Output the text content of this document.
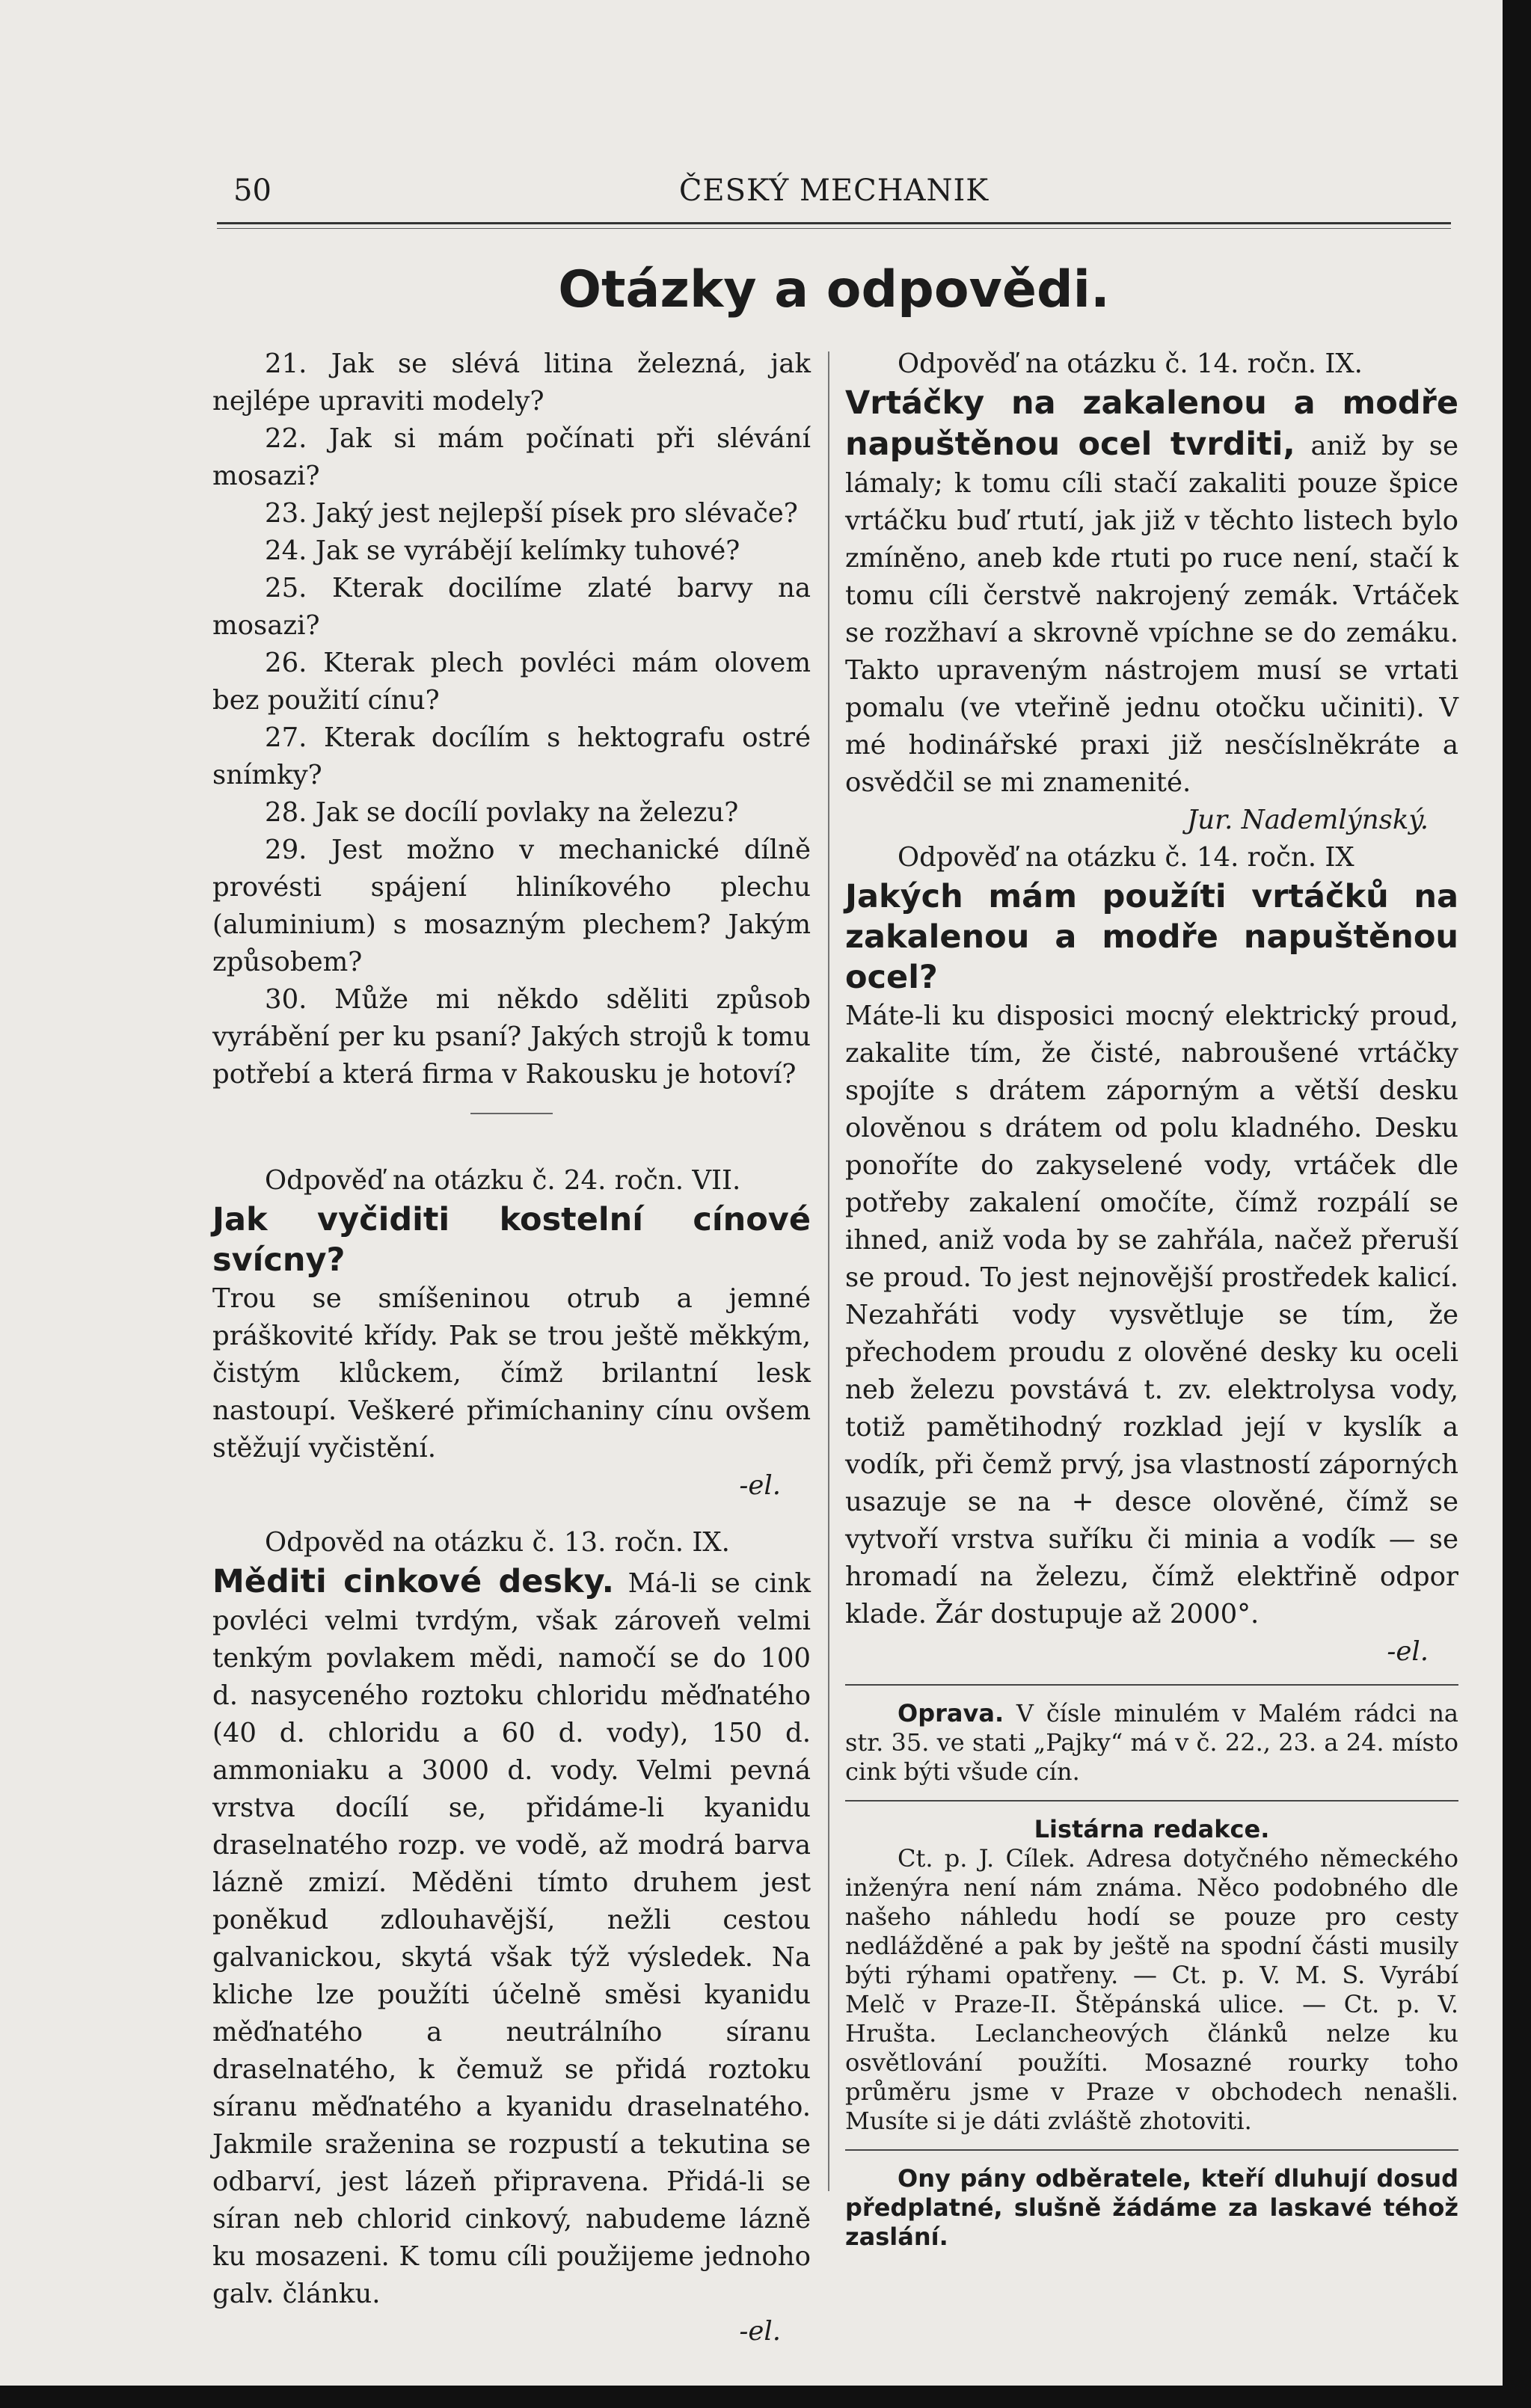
50	ČESKÝ MECHANIK
Otázky a odpovědi.

21. Jak se slévá litina železná, jak nejlépe upraviti modely?

22. Jak si mám počínati při slévání mosazi?

23. Jaký jest nejlepší písek pro slévače?

24. Jak se vyrábějí kelímky tuhové?

25. Kterak docilíme zlaté barvy na mosazi?

26. Kterak plech povléci mám olovem bez použití cínu?

27. Kterak docílím s hektografu ostré snímky?

28. Jak se docílí povlaky na železu?

29. Jest možno v mechanické dílně provésti spájení hliníkového plechu (aluminium) s mosazným plechem? Jakým způsobem?

30. Může mi někdo sděliti způsob vyrábění per ku psaní? Jakých strojů k tomu potřebí a která firma v Rakousku je hotoví?

Odpověď na otázku č. 24. ročn. VII.

Jak vyčiditi kostelní cínové svícny?

Trou se smíšeninou otrub a jemné práškovité křídy. Pak se trou ještě měkkým, čistým klůckem, čímž brilantní lesk nastoupí. Veškeré přimíchaniny cínu ovšem stěžují vyčistění.
-el.

Odpověd na otázku č. 13. ročn. IX.

Měditi cinkové desky. Má-li se cink povléci velmi tvrdým, však zároveň velmi tenkým povlakem mědi, namočí se do 100 d. nasyceného roztoku chloridu měďnatého (40 d. chloridu a 60 d. vody), 150 d. ammoniaku a 3000 d. vody. Velmi pevná vrstva docílí se, přidáme-li kyanidu draselnatého rozp. ve vodě, až modrá barva lázně zmizí. Měděni tímto druhem jest poněkud zdlouhavější, nežli cestou galvanickou, skytá však týž výsledek. Na kliche lze použíti účelně směsi kyanidu měďnatého a neutrálního síranu draselnatého, k čemuž se přidá roztoku síranu měďnatého a kyanidu draselnatého. Jakmile sraženina se rozpustí a tekutina se odbarví, jest lázeň připravena. Přidá-li se síran neb chlorid cinkový, nabudeme lázně ku mosazeni. K tomu cíli použijeme jednoho galv. článku.
-el.

Odpověď na otázku č. 14. ročn. IX.

Vrtáčky na zakalenou a modře napuštěnou ocel tvrditi, aniž by se lámaly; k tomu cíli stačí zakaliti pouze špice vrtáčku buď rtutí, jak již v těchto listech bylo zmíněno, aneb kde rtuti po ruce není, stačí k tomu cíli čerstvě nakrojený zemák. Vrtáček se rozžhaví a skrovně vpíchne se do zemáku. Takto upraveným nástrojem musí se vrtati pomalu (ve vteřině jednu otočku učiniti). V mé hodinářské praxi již nesčíslněkráte a osvědčil se mi znamenité.
Jur. Nademlýnský.

Odpověď na otázku č. 14. ročn. IX

Jakých mám použíti vrtáčků na zakalenou a modře napuštěnou ocel?

Máte-li ku disposici mocný elektrický proud, zakalite tím, že čisté, nabroušené vrtáčky spojíte s drátem záporným a větší desku olověnou s drátem od polu kladného. Desku ponoříte do zakyselené vody, vrtáček dle potřeby zakalení omočíte, čímž rozpálí se ihned, aniž voda by se zahřála, načež přeruší se proud. To jest nejnovější prostředek kalicí. Nezahřáti vody vysvětluje se tím, že přechodem proudu z olověné desky ku oceli neb železu povstává t. zv. elektrolysa vody, totiž pamětihodný rozklad její v kyslík a vodík, při čemž prvý, jsa vlastností záporných usazuje se na + desce olověné, čímž se vytvoří vrstva suříku či minia a vodík — se hromadí na železu, čímž elektřině odpor klade. Žár dostupuje až 2000°.
-el.

Oprava. V čísle minulém v Malém rádci na str. 35. ve stati „Pajky“ má v č. 22., 23. a 24. místo cink býti všude cín.

Listárna redakce.

Ct. p. J. Cílek. Adresa dotyčného německého inženýra není nám známa. Něco podobného dle našeho náhledu hodí se pouze pro cesty nedlážděné a pak by ještě na spodní části musily býti rýhami opatřeny. — Ct. p. V. M. S. Vyrábí Melč v Praze-II. Štěpánská ulice. — Ct. p. V. Hrušta. Leclancheových článků nelze ku osvětlování použíti. Mosazné rourky toho průměru jsme v Praze v obchodech nenašli. Musíte si je dáti zvláště zhotoviti.

Ony pány odběratele, kteří dluhují dosud předplatné, slušně žádáme za laskavé téhož zaslání.
